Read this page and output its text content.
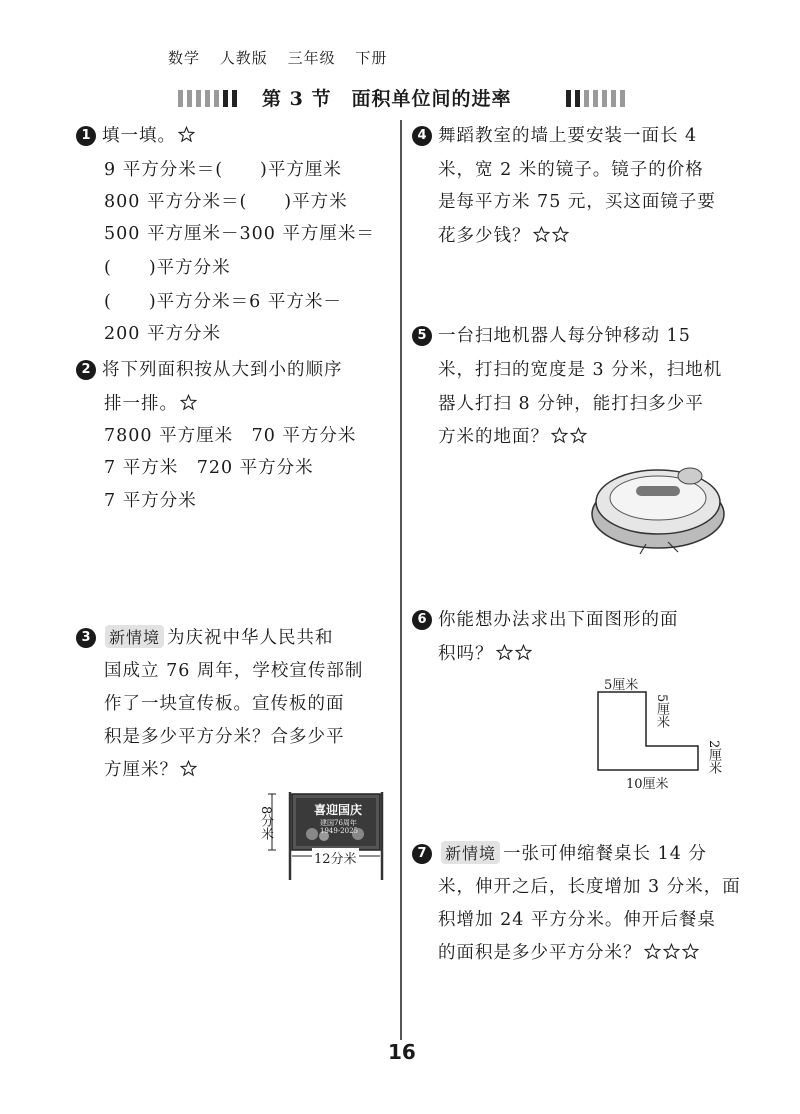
数学 人教版 三年级 下册
第 3 节 面积单位间的进率
1 填一填。
9 平方分米＝(　　)平方厘米
800 平方分米＝(　　)平方米
500 平方厘米－300 平方厘米＝
(　　)平方分米
(　　)平方分米＝6 平方米－
200 平方分米
2 将下列面积按从大到小的顺序
排一排。
7800 平方厘米　70 平方分米
7 平方米　720 平方分米
7 平方分米
3 新情境 为庆祝中华人民共和
国成立 76 周年，学校宣传部制
作了一块宣传板。宣传板的面
积是多少平方分米？合多少平
方厘米？
喜迎国庆
建国76周年
1949-2025
8分米
12分米
4 舞蹈教室的墙上要安装一面长 4
米，宽 2 米的镜子。镜子的价格
是每平方米 75 元，买这面镜子要
花多少钱？
5 一台扫地机器人每分钟移动 15
米，打扫的宽度是 3 分米，扫地机
器人打扫 8 分钟，能打扫多少平
方米的地面？
6 你能想办法求出下面图形的面
积吗？
5厘米
5厘米
2厘米
10厘米
7 新情境 一张可伸缩餐桌长 14 分
米，伸开之后，长度增加 3 分米，面
积增加 24 平方分米。伸开后餐桌
的面积是多少平方分米？
16
